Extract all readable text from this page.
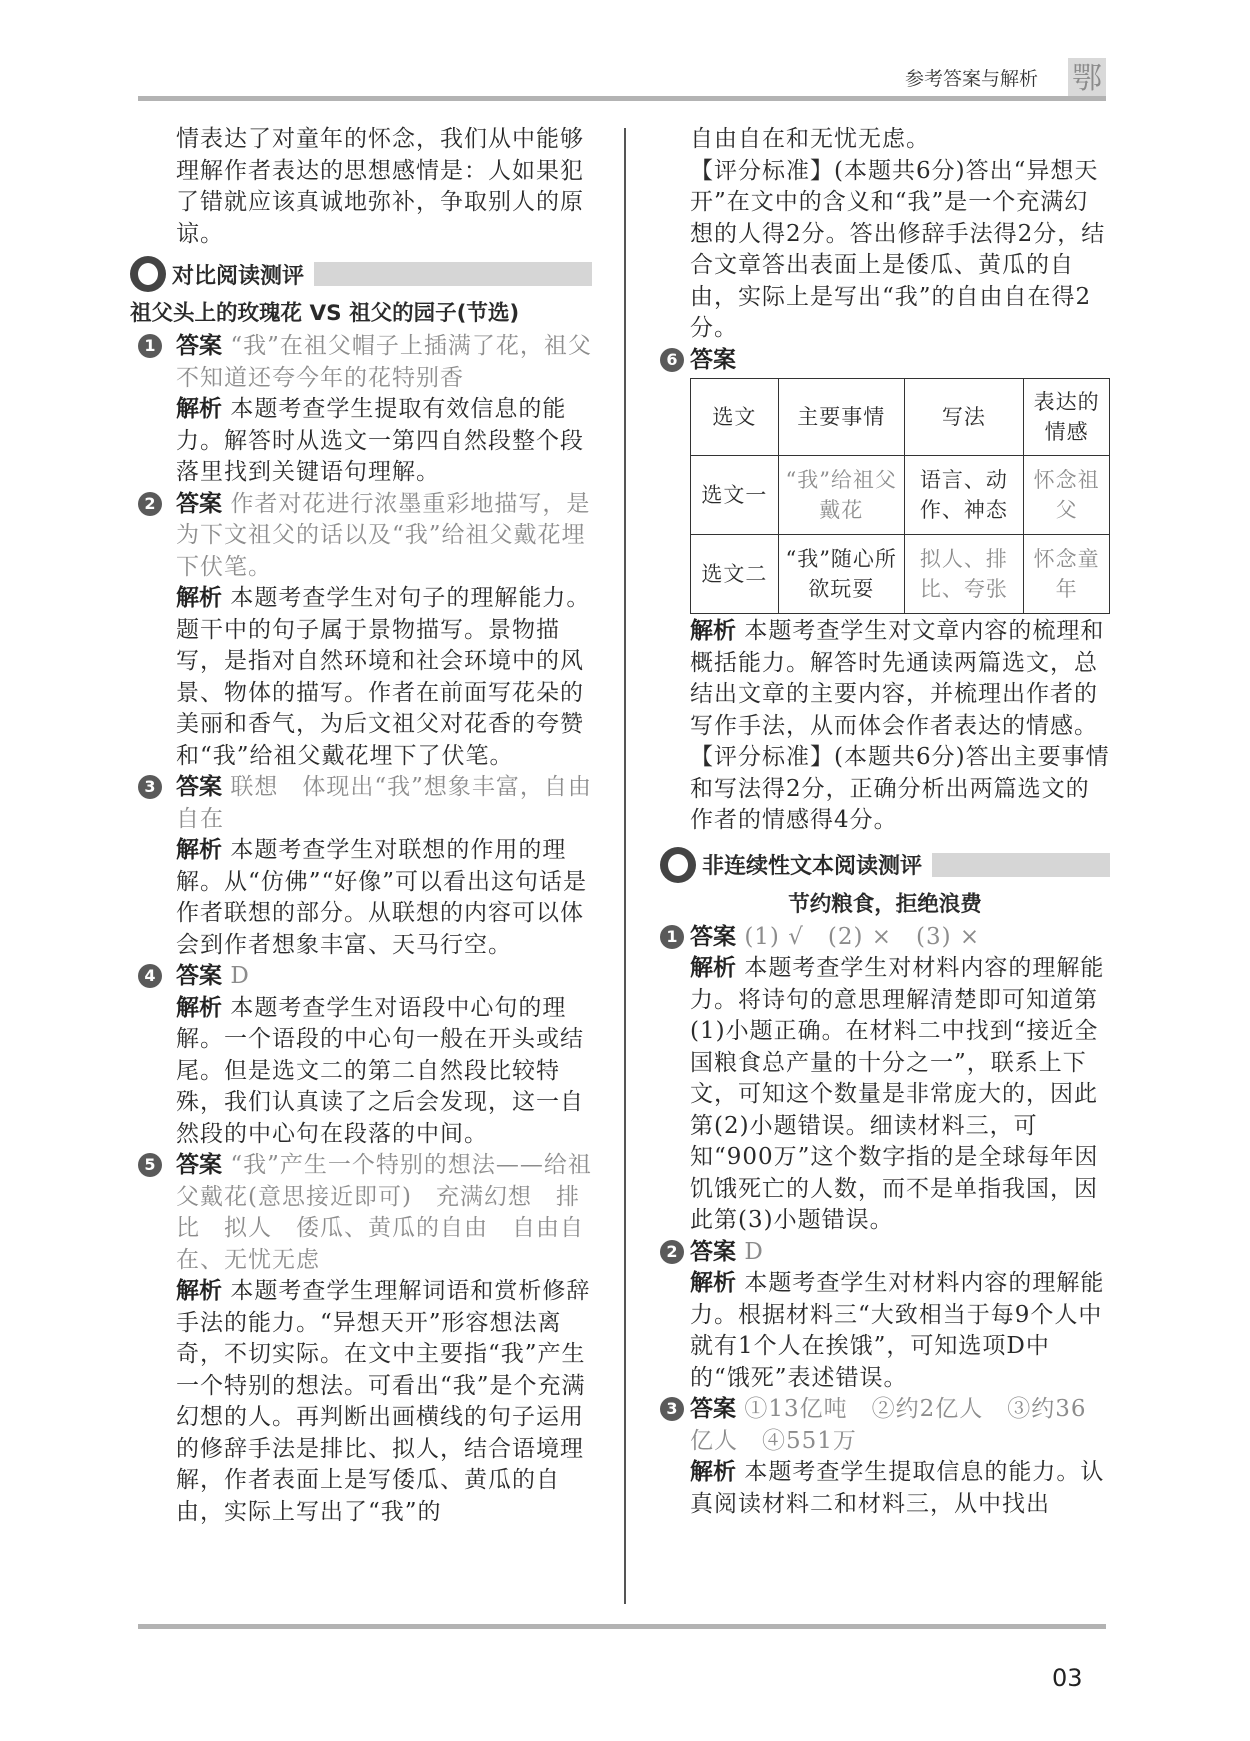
参考答案与解析 鄂

情表达了对童年的怀念，我们从中能够理解作者表达的思想感情是：人如果犯了错就应该真诚地弥补，争取别人的原谅。

对比阅读测评
祖父头上的玫瑰花 VS 祖父的园子(节选)
1 答案 “我”在祖父帽子上插满了花，祖父不知道还夸今年的花特别香

解析 本题考查学生提取有效信息的能力。解答时从选文一第四自然段整个段落里找到关键语句理解。

2 答案 作者对花进行浓墨重彩地描写，是为下文祖父的话以及“我”给祖父戴花埋下伏笔。

解析 本题考查学生对句子的理解能力。题干中的句子属于景物描写。景物描写，是指对自然环境和社会环境中的风景、物体的描写。作者在前面写花朵的美丽和香气，为后文祖父对花香的夸赞和“我”给祖父戴花埋下了伏笔。

3 答案 联想　体现出“我”想象丰富，自由自在

解析 本题考查学生对联想的作用的理解。从“仿佛”“好像”可以看出这句话是作者联想的部分。从联想的内容可以体会到作者想象丰富、天马行空。

4 答案 D

解析 本题考查学生对语段中心句的理解。一个语段的中心句一般在开头或结尾。但是选文二的第二自然段比较特殊，我们认真读了之后会发现，这一自然段的中心句在段落的中间。

5 答案 “我”产生一个特别的想法——给祖父戴花(意思接近即可)　充满幻想　排比　拟人　倭瓜、黄瓜的自由　自由自在、无忧无虑

解析 本题考查学生理解词语和赏析修辞手法的能力。“异想天开”形容想法离奇，不切实际。在文中主要指“我”产生一个特别的想法。可看出“我”是个充满幻想的人。再判断出画横线的句子运用的修辞手法是排比、拟人，结合语境理解，作者表面上是写倭瓜、黄瓜的自由，实际上写出了“我”的

自由自在和无忧无虑。

【评分标准】(本题共6分)答出“异想天开”在文中的含义和“我”是一个充满幻想的人得2分。答出修辞手法得2分，结合文章答出表面上是倭瓜、黄瓜的自由，实际上是写出“我”的自由自在得2分。

6 答案

选文	主要事情	写法	表达的情感
选文一	“我”给祖父戴花	语言、动作、神态	怀念祖父
选文二	“我”随心所欲玩耍	拟人、排比、夸张	怀念童年

解析 本题考查学生对文章内容的梳理和概括能力。解答时先通读两篇选文，总结出文章的主要内容，并梳理出作者的写作手法，从而体会作者表达的情感。

【评分标准】(本题共6分)答出主要事情和写法得2分，正确分析出两篇选文的作者的情感得4分。

非连续性文本阅读测评
节约粮食，拒绝浪费
1 答案 (1) √　(2) ×　(3) ×

解析 本题考查学生对材料内容的理解能力。将诗句的意思理解清楚即可知道第(1)小题正确。在材料二中找到“接近全国粮食总产量的十分之一”，联系上下文，可知这个数量是非常庞大的，因此第(2)小题错误。细读材料三，可知“900万”这个数字指的是全球每年因饥饿死亡的人数，而不是单指我国，因此第(3)小题错误。

2 答案 D

解析 本题考查学生对材料内容的理解能力。根据材料三“大致相当于每9个人中就有1个人在挨饿”，可知选项D中的“饿死”表述错误。

3 答案 ①13亿吨　②约2亿人　③约36亿人　④551万

解析 本题考查学生提取信息的能力。认真阅读材料二和材料三，从中找出

03
